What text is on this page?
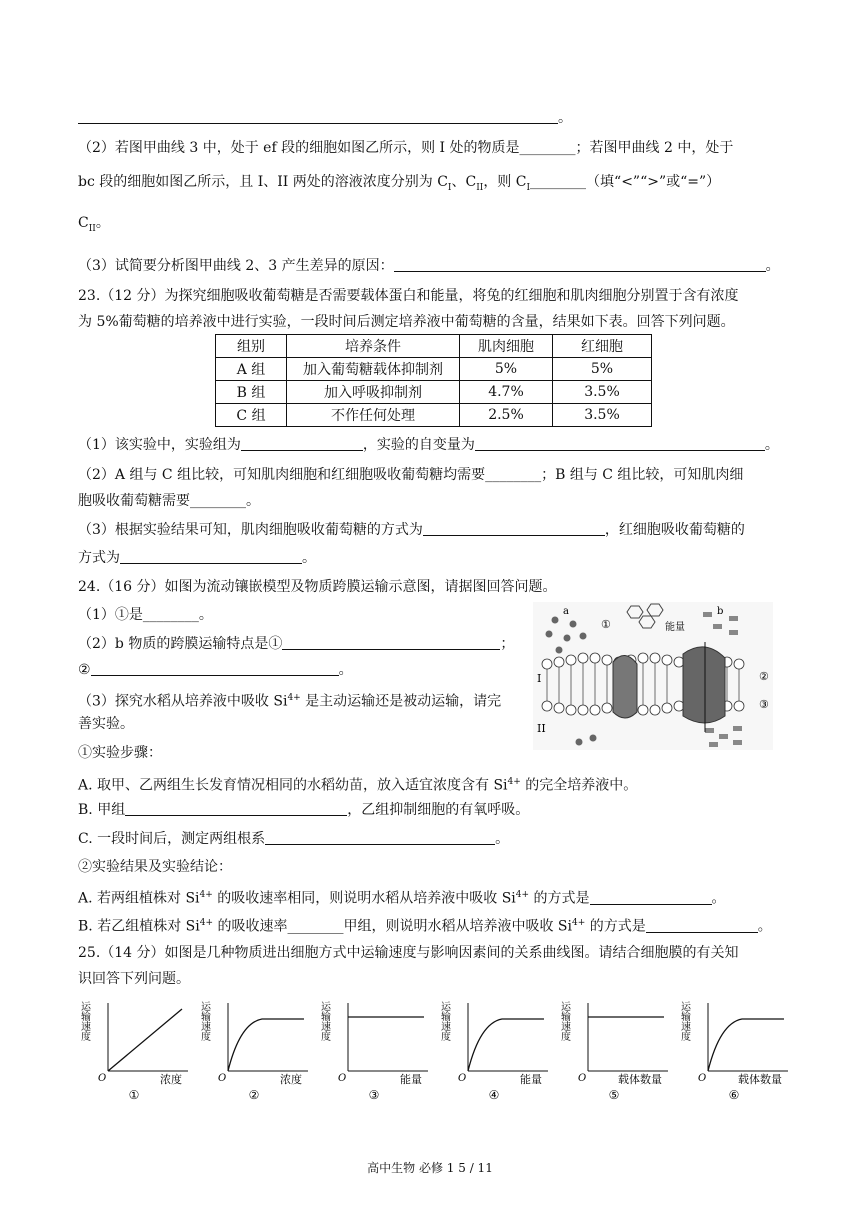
。
（2）若图甲曲线 3 中，处于 ef 段的细胞如图乙所示，则 I 处的物质是________；若图甲曲线 2 中，处于
bc 段的细胞如图乙所示，且 I、II 两处的溶液浓度分别为 $C_I$、$C_{II}$，则 $C_I\_\_\_\_\_\_\_\_$（填“<”“>”或“=”）
$C_{II}$。
（3）试简要分析图甲曲线 2、3 产生差异的原因：	。
23.（12 分）为探究细胞吸收葡萄糖是否需要载体蛋白和能量，将兔的红细胞和肌肉细胞分别置于含有浓度
为 5%葡萄糖的培养液中进行实验，一段时间后测定培养液中葡萄糖的含量，结果如下表。回答下列问题。
组别	培养条件	肌肉细胞	红细胞
A 组	加入葡萄糖载体抑制剂	5%	5%
B 组	加入呼吸抑制剂	4.7%	3.5%
C 组	不作任何处理	2.5%	3.5%
（1）该实验中，实验组为	，实验的自变量为	。
（2）A 组与 C 组比较，可知肌肉细胞和红细胞吸收葡萄糖均需要________；B 组与 C 组比较，可知肌肉细
胞吸收葡萄糖需要________。
（3）根据实验结果可知，肌肉细胞吸收葡萄糖的方式为	，红细胞吸收葡萄糖的
方式为	。
24.（16 分）如图为流动镶嵌模型及物质跨膜运输示意图，请据图回答问题。
（1）①是________。
（2）b 物质的跨膜运输特点是①	；
②	。
（3）探究水稻从培养液中吸收 $Si^{4+}$ 是主动运输还是被动运输，请完
善实验。
①实验步骤：
A. 取甲、乙两组生长发育情况相同的水稻幼苗，放入适宜浓度含有 $Si^{4+}$ 的完全培养液中。
B. 甲组	，乙组抑制细胞的有氧呼吸。
C. 一段时间后，测定两组根系	。
②实验结果及实验结论：
A. 若两组植株对 $Si^{4+}$ 的吸收速率相同，则说明水稻从培养液中吸收 $Si^{4+}$ 的方式是	。
B. 若乙组植株对 $Si^{4+}$ 的吸收速率________甲组，则说明水稻从培养液中吸收 $Si^{4+}$ 的方式是	。
a
①	能量
b
I
II
②
③
25.（14 分）如图是几种物质进出细胞方式中运输速度与影响因素间的关系曲线图。请结合细胞膜的有关知
识回答下列问题。
运输速度
O	浓度
①
运输速度
O	浓度
②
运输速度
O	能量
③
运输速度
O	能量
④
运输速度
O	载体数量
⑤
运输速度
O	载体数量
⑥
高中生物 必修 1 5 / 11
